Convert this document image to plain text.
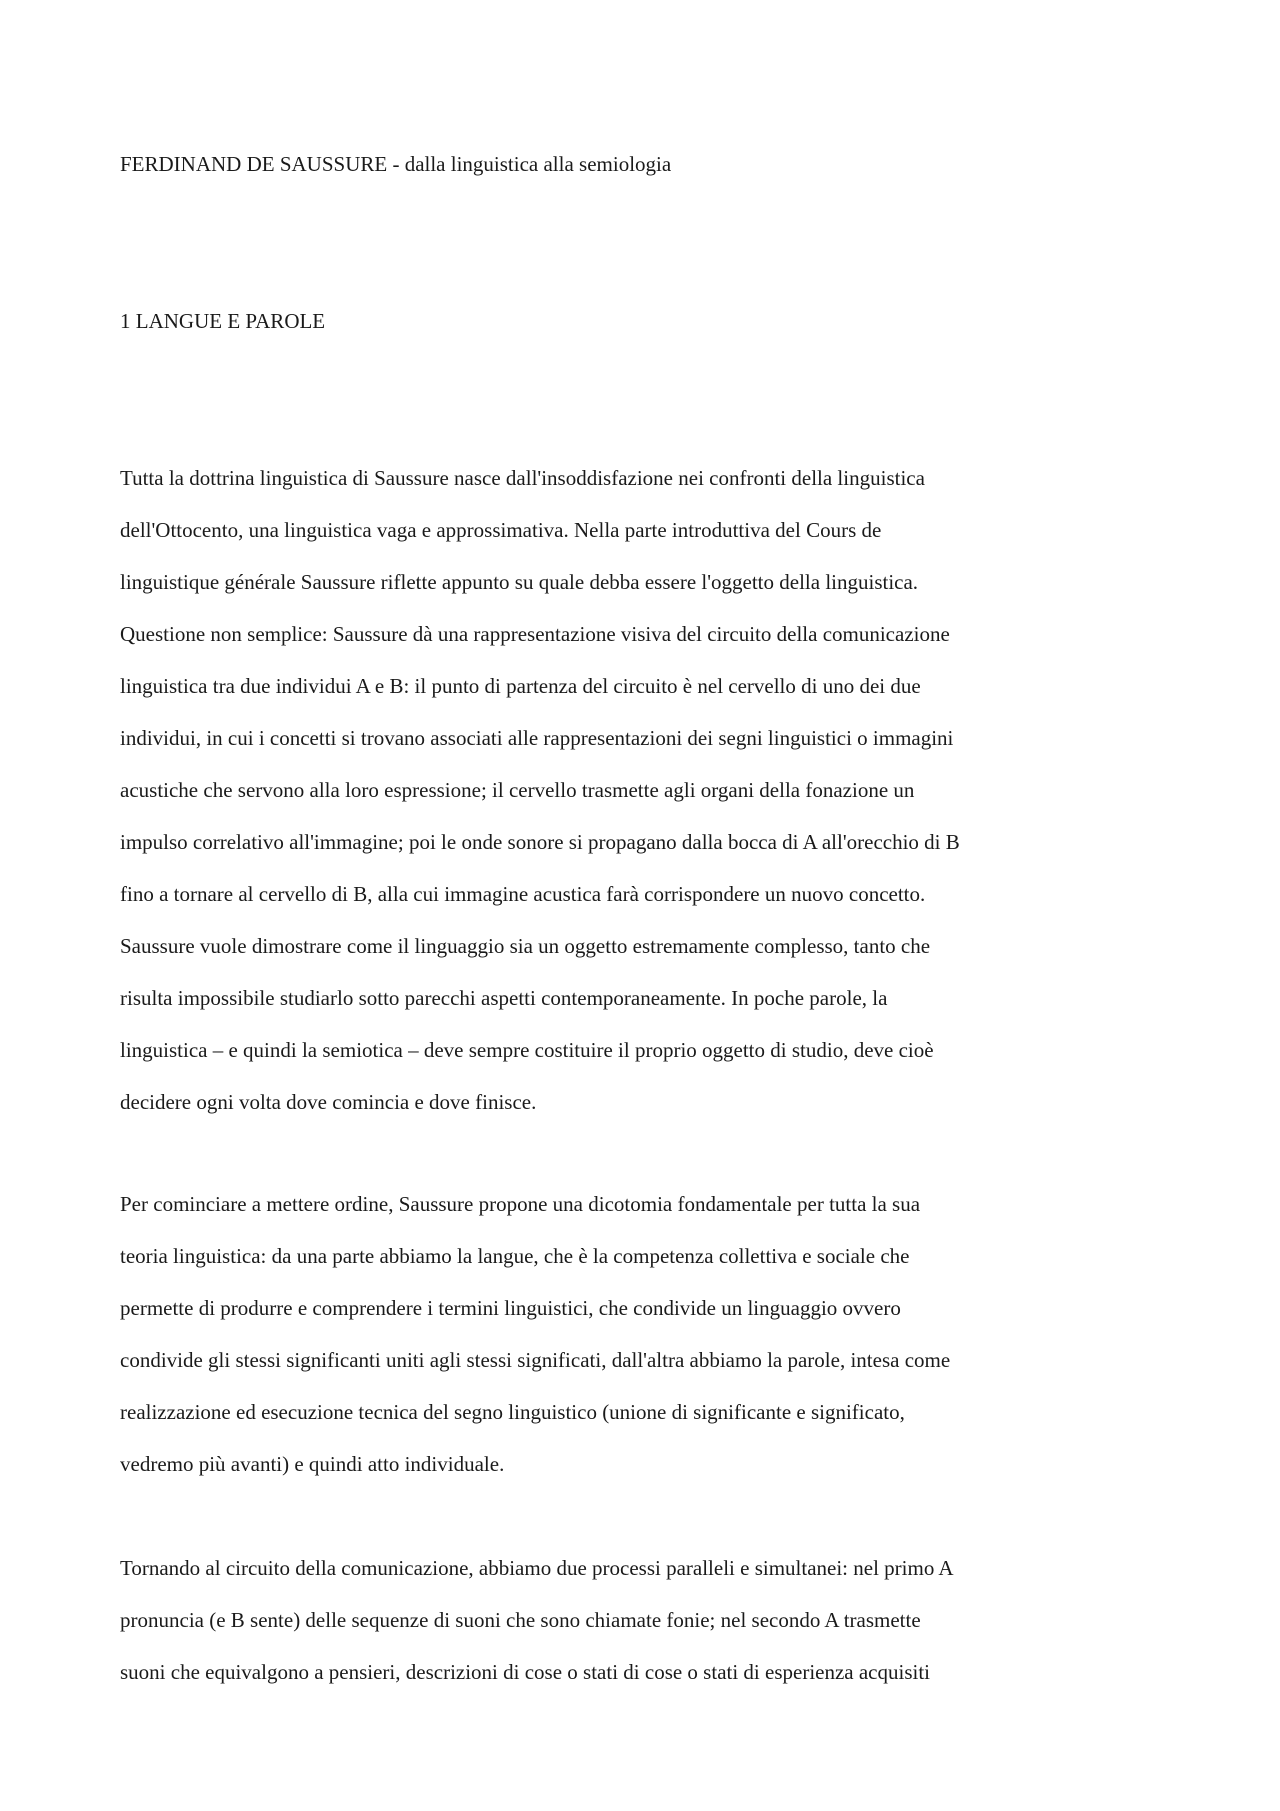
FERDINAND DE SAUSSURE - dalla linguistica alla semiologia

1 LANGUE E PAROLE

Tutta la dottrina linguistica di Saussure nasce dall'insoddisfazione nei confronti della linguistica
dell'Ottocento, una linguistica vaga e approssimativa. Nella parte introduttiva del Cours de
linguistique générale Saussure riflette appunto su quale debba essere l'oggetto della linguistica.
Questione non semplice: Saussure dà una rappresentazione visiva del circuito della comunicazione
linguistica tra due individui A e B: il punto di partenza del circuito è nel cervello di uno dei due
individui, in cui i concetti si trovano associati alle rappresentazioni dei segni linguistici o immagini
acustiche che servono alla loro espressione; il cervello trasmette agli organi della fonazione un
impulso correlativo all'immagine; poi le onde sonore si propagano dalla bocca di A all'orecchio di B
fino a tornare al cervello di B, alla cui immagine acustica farà corrispondere un nuovo concetto.
Saussure vuole dimostrare come il linguaggio sia un oggetto estremamente complesso, tanto che
risulta impossibile studiarlo sotto parecchi aspetti contemporaneamente. In poche parole, la
linguistica – e quindi la semiotica – deve sempre costituire il proprio oggetto di studio, deve cioè
decidere ogni volta dove comincia e dove finisce.

Per cominciare a mettere ordine, Saussure propone una dicotomia fondamentale per tutta la sua
teoria linguistica: da una parte abbiamo la langue, che è la competenza collettiva e sociale che
permette di produrre e comprendere i termini linguistici, che condivide un linguaggio ovvero
condivide gli stessi significanti uniti agli stessi significati, dall'altra abbiamo la parole, intesa come
realizzazione ed esecuzione tecnica del segno linguistico (unione di significante e significato,
vedremo più avanti) e quindi atto individuale.

Tornando al circuito della comunicazione, abbiamo due processi paralleli e simultanei: nel primo A
pronuncia (e B sente) delle sequenze di suoni che sono chiamate fonie; nel secondo A trasmette
suoni che equivalgono a pensieri, descrizioni di cose o stati di cose o stati di esperienza acquisiti
